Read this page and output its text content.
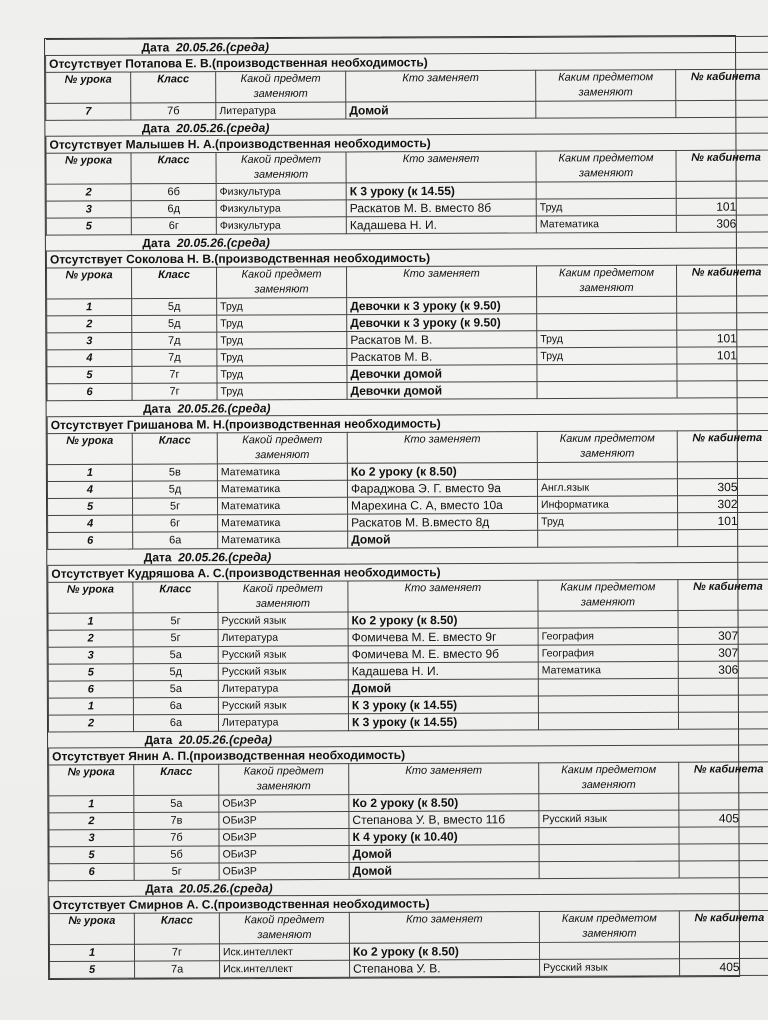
Дата 20.05.26.(среда)					
Отсутствует Потапова Е. В.(производственная необходимость)					
№ урока	Класс	Какой предмет заменяют	Кто заменяет	Каким предметом заменяют	№ кабинета
7	7б	Литература	Домой		
Дата 20.05.26.(среда)					
Отсутствует Малышев Н. А.(производственная необходимость)					
№ урока	Класс	Какой предмет заменяют	Кто заменяет	Каким предметом заменяют	№ кабинета
2	6б	Физкультура	К 3 уроку (к 14.55)		
3	6д	Физкультура	Раскатов М. В. вместо 8б	Труд	101
5	6г	Физкультура	Кадашева Н. И.	Математика	306
Дата 20.05.26.(среда)					
Отсутствует Соколова Н. В.(производственная необходимость)					
№ урока	Класс	Какой предмет заменяют	Кто заменяет	Каким предметом заменяют	№ кабинета
1	5д	Труд	Девочки к 3 уроку (к 9.50)		
2	5д	Труд	Девочки к 3 уроку (к 9.50)		
3	7д	Труд	Раскатов М. В.	Труд	101
4	7д	Труд	Раскатов М. В.	Труд	101
5	7г	Труд	Девочки домой		
6	7г	Труд	Девочки домой		
Дата 20.05.26.(среда)					
Отсутствует Гришанова М. Н.(производственная необходимость)					
№ урока	Класс	Какой предмет заменяют	Кто заменяет	Каким предметом заменяют	№ кабинета
1	5в	Математика	Ко 2 уроку (к 8.50)		
4	5д	Математика	Фараджова Э. Г. вместо 9а	Англ.язык	305
5	5г	Математика	Марехина С. А, вместо 10а	Информатика	302
4	6г	Математика	Раскатов М. В.вместо 8д	Труд	101
6	6а	Математика	Домой		
Дата 20.05.26.(среда)					
Отсутствует Кудряшова А. С.(производственная необходимость)					
№ урока	Класс	Какой предмет заменяют	Кто заменяет	Каким предметом заменяют	№ кабинета
1	5г	Русский язык	Ко 2 уроку (к 8.50)		
2	5г	Литература	Фомичева М. Е. вместо 9г	География	307
3	5а	Русский язык	Фомичева М. Е. вместо 9б	География	307
5	5д	Русский язык	Кадашева Н. И.	Математика	306
6	5а	Литература	Домой		
1	6а	Русский язык	К 3 уроку (к 14.55)		
2	6а	Литература	К 3 уроку (к 14.55)		
Дата 20.05.26.(среда)					
Отсутствует Янин А. П.(производственная необходимость)					
№ урока	Класс	Какой предмет заменяют	Кто заменяет	Каким предметом заменяют	№ кабинета
1	5а	ОБиЗР	Ко 2 уроку (к 8.50)		
2	7в	ОБиЗР	Степанова У. В, вместо 11б	Русский язык	405
3	7б	ОБиЗР	К 4 уроку (к 10.40)		
5	5б	ОБиЗР	Домой		
6	5г	ОБиЗР	Домой		
Дата 20.05.26.(среда)					
Отсутствует Смирнов А. С.(производственная необходимость)					
№ урока	Класс	Какой предмет заменяют	Кто заменяет	Каким предметом заменяют	№ кабинета
1	7г	Иск.интеллект	Ко 2 уроку (к 8.50)		
5	7а	Иск.интеллект	Степанова У. В.	Русский язык	405
